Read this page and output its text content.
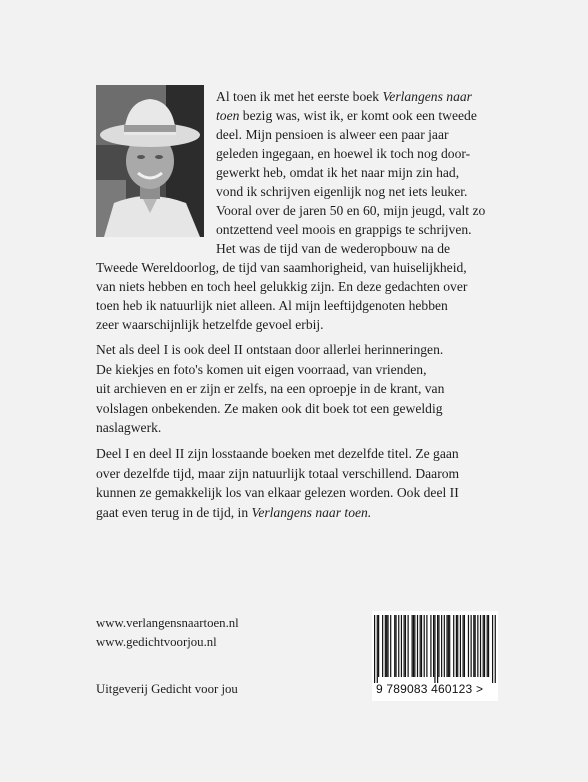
Al toen ik met het eerste boek Verlangens naar
toen bezig was, wist ik, er komt ook een tweede
deel. Mijn pensioen is alweer een paar jaar
geleden ingegaan, en hoewel ik toch nog door-
gewerkt heb, omdat ik het naar mijn zin had,
vond ik schrijven eigenlijk nog net iets leuker.
Vooral over de jaren 50 en 60, mijn jeugd, valt zo
ontzettend veel moois en grappigs te schrijven.
Het was de tijd van de wederopbouw na de
Tweede Wereldoorlog, de tijd van saamhorigheid, van huiselijkheid,
van niets hebben en toch heel gelukkig zijn. En deze gedachten over
toen heb ik natuurlijk niet alleen. Al mijn leeftijdgenoten hebben
zeer waarschijnlijk hetzelfde gevoel erbij.

Net als deel I is ook deel II ontstaan door allerlei herinneringen.
De kiekjes en foto's komen uit eigen voorraad, van vrienden,
uit archieven en er zijn er zelfs, na een oproepje in de krant, van
volslagen onbekenden. Ze maken ook dit boek tot een geweldig
naslagwerk.

Deel I en deel II zijn losstaande boeken met dezelfde titel. Ze gaan
over dezelfde tijd, maar zijn natuurlijk totaal verschillend. Daarom
kunnen ze gemakkelijk los van elkaar gelezen worden. Ook deel II
gaat even terug in de tijd, in Verlangens naar toen.

www.verlangensnaartoen.nl
www.gedichtvoorjou.nl
Uitgeverij Gedicht voor jou	9 789083 460123 >
